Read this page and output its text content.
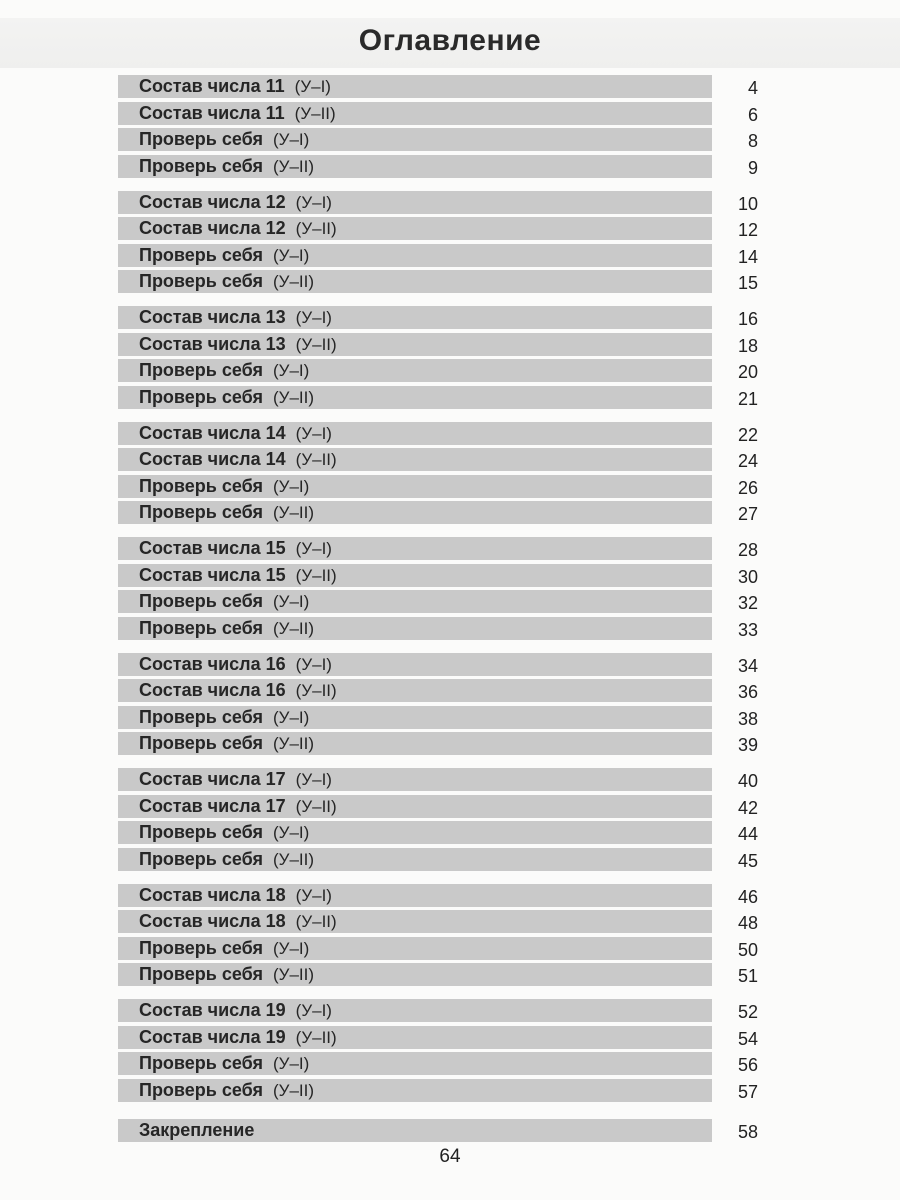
Оглавление
Состав числа 11 (У–I)	4
Состав числа 11 (У–II)	6
Проверь себя (У–I)	8
Проверь себя (У–II)	9
Состав числа 12 (У–I)	10
Состав числа 12 (У–II)	12
Проверь себя (У–I)	14
Проверь себя (У–II)	15
Состав числа 13 (У–I)	16
Состав числа 13 (У–II)	18
Проверь себя (У–I)	20
Проверь себя (У–II)	21
Состав числа 14 (У–I)	22
Состав числа 14 (У–II)	24
Проверь себя (У–I)	26
Проверь себя (У–II)	27
Состав числа 15 (У–I)	28
Состав числа 15 (У–II)	30
Проверь себя (У–I)	32
Проверь себя (У–II)	33
Состав числа 16 (У–I)	34
Состав числа 16 (У–II)	36
Проверь себя (У–I)	38
Проверь себя (У–II)	39
Состав числа 17 (У–I)	40
Состав числа 17 (У–II)	42
Проверь себя (У–I)	44
Проверь себя (У–II)	45
Состав числа 18 (У–I)	46
Состав числа 18 (У–II)	48
Проверь себя (У–I)	50
Проверь себя (У–II)	51
Состав числа 19 (У–I)	52
Состав числа 19 (У–II)	54
Проверь себя (У–I)	56
Проверь себя (У–II)	57
Закрепление	58
64
